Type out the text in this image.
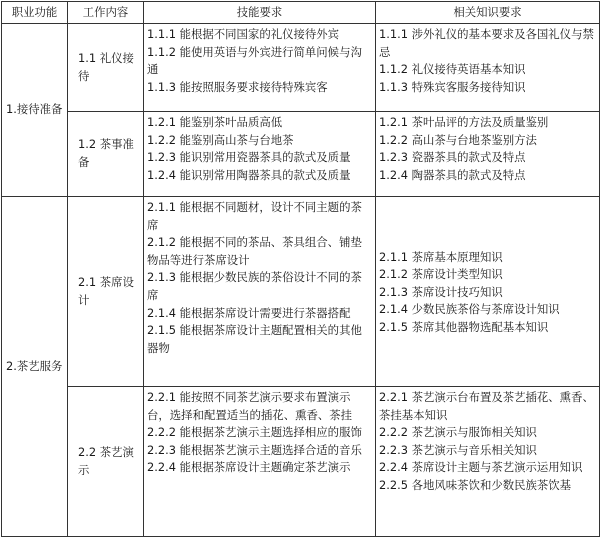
职业功能	工作内容	技能要求	相关知识要求
1.接待准备	1.1 礼仪接待	1.1.1 能根据不同国家的礼仪接待外宾
1.1.2 能使用英语与外宾进行简单问候与沟通
1.1.3 能按照服务要求接待特殊宾客	1.1.1 涉外礼仪的基本要求及各国礼仪与禁忌
1.1.2 礼仪接待英语基本知识
1.1.3 特殊宾客服务接待知识

	1.2 茶事准备	1.2.1 能鉴别茶叶品质高低
1.2.2 能鉴别高山茶与台地茶
1.2.3 能识别常用瓷器茶具的款式及质量
1.2.4 能识别常用陶器茶具的款式及质量	1.2.1 茶叶品评的方法及质量鉴别
1.2.2 高山茶与台地茶鉴别方法
1.2.3 瓷器茶具的款式及特点
1.2.4 陶器茶具的款式及特点

2.茶艺服务	2.1 茶席设计	2.1.1 能根据不同题材，设计不同主题的茶席
2.1.2 能根据不同的茶品、茶具组合、铺垫物品等进行茶席设计
2.1.3 能根据少数民族的茶俗设计不同的茶席
2.1.4 能根据茶席设计需要进行茶器搭配
2.1.5 能根据茶席设计主题配置相关的其他器物	2.1.1 茶席基本原理知识
2.1.2 茶席设计类型知识
2.1.3 茶席设计技巧知识
2.1.4 少数民族茶俗与茶席设计知识
2.1.5 茶席其他器物选配基本知识

	2.2 茶艺演示	2.2.1 能按照不同茶艺演示要求布置演示台，选择和配置适当的插花、熏香、茶挂
2.2.2 能根据茶艺演示主题选择相应的服饰
2.2.3 能根据茶艺演示主题选择合适的音乐
2.2.4 能根据茶席设计主题确定茶艺演示	2.2.1 茶艺演示台布置及茶艺插花、熏香、茶挂基本知识
2.2.2 茶艺演示与服饰相关知识
2.2.3 茶艺演示与音乐相关知识
2.2.4 茶席设计主题与茶艺演示运用知识
2.2.5 各地风味茶饮和少数民族茶饮基
